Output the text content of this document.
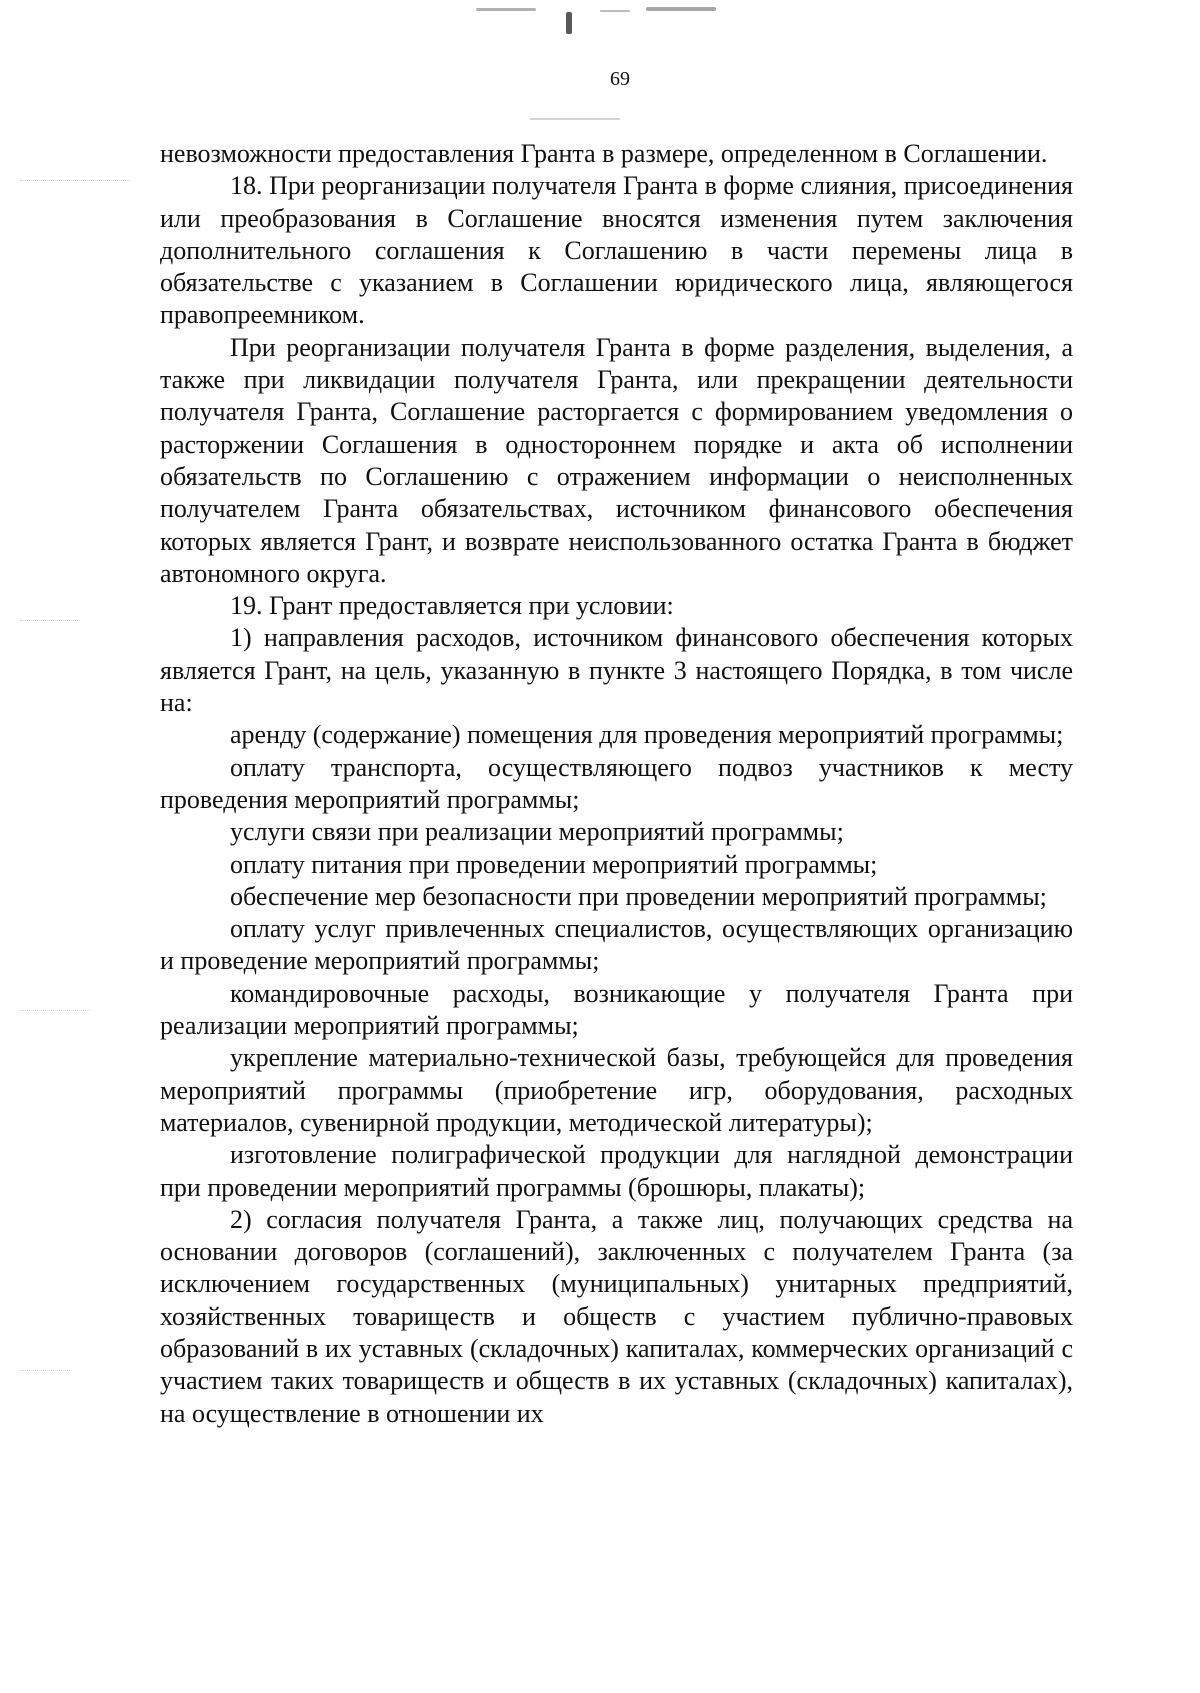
69

невозможности предоставления Гранта в размере, определенном в Соглашении.

18. При реорганизации получателя Гранта в форме слияния, присоединения или преобразования в Соглашение вносятся изменения путем заключения дополнительного соглашения к Соглашению в части перемены лица в обязательстве с указанием в Соглашении юридического лица, являющегося правопреемником.

При реорганизации получателя Гранта в форме разделения, выделения, а также при ликвидации получателя Гранта, или прекращении деятельности получателя Гранта, Соглашение расторгается с формированием уведомления о расторжении Соглашения в одностороннем порядке и акта об исполнении обязательств по Соглашению с отражением информации о неисполненных получателем Гранта обязательствах, источником финансового обеспечения которых является Грант, и возврате неиспользованного остатка Гранта в бюджет автономного округа.

19. Грант предоставляется при условии:

1) направления расходов, источником финансового обеспечения которых является Грант, на цель, указанную в пункте 3 настоящего Порядка, в том числе на:

аренду (содержание) помещения для проведения мероприятий программы;

оплату транспорта, осуществляющего подвоз участников к месту проведения мероприятий программы;

услуги связи при реализации мероприятий программы;

оплату питания при проведении мероприятий программы;

обеспечение мер безопасности при проведении мероприятий программы;

оплату услуг привлеченных специалистов, осуществляющих организацию и проведение мероприятий программы;

командировочные расходы, возникающие у получателя Гранта при реализации мероприятий программы;

укрепление материально-технической базы, требующейся для проведения мероприятий программы (приобретение игр, оборудования, расходных материалов, сувенирной продукции, методической литературы);

изготовление полиграфической продукции для наглядной демонстрации при проведении мероприятий программы (брошюры, плакаты);

2) согласия получателя Гранта, а также лиц, получающих средства на основании договоров (соглашений), заключенных с получателем Гранта (за исключением государственных (муниципальных) унитарных предприятий, хозяйственных товариществ и обществ с участием публично-правовых образований в их уставных (складочных) капиталах, коммерческих организаций с участием таких товариществ и обществ в их уставных (складочных) капиталах), на осуществление в отношении их
